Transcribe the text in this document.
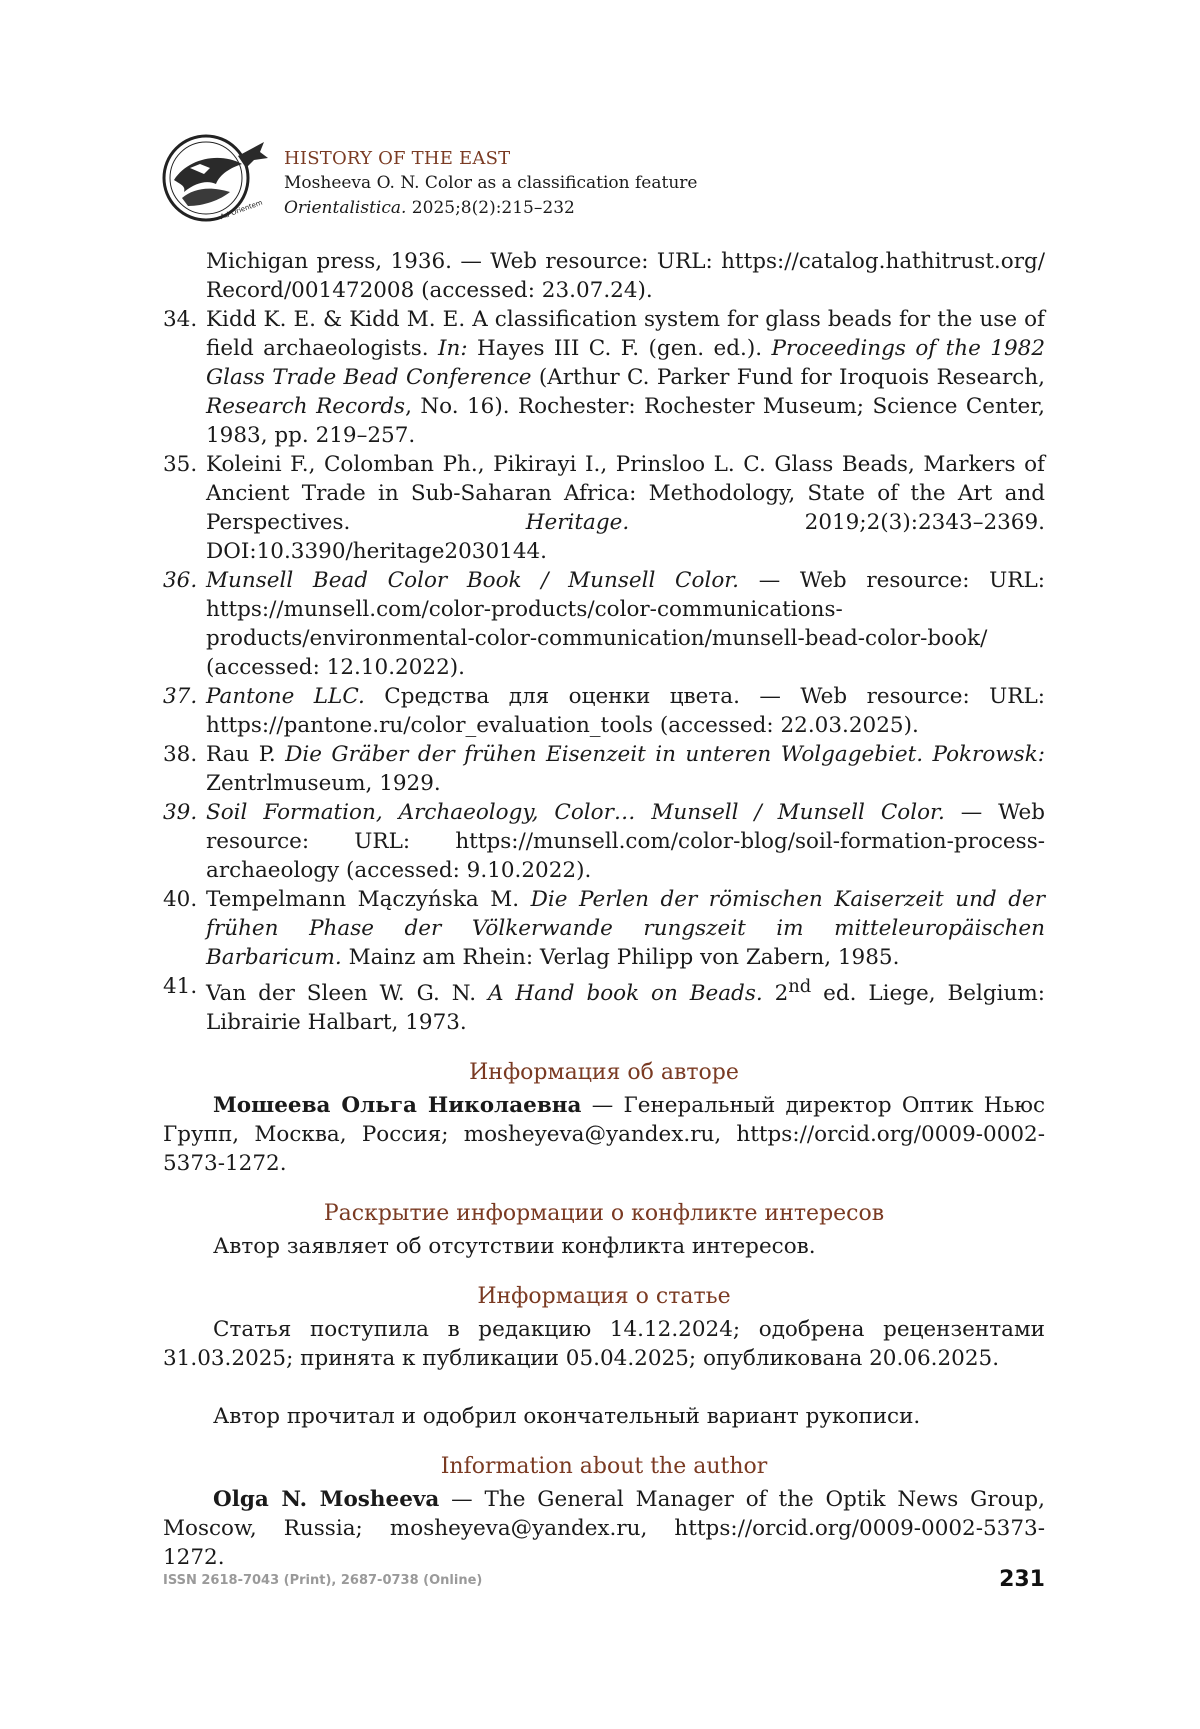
Ad Orientem
HISTORY OF THE EAST
Mosheeva O. N. Color as a classification feature
Orientalistica. 2025;8(2):215–232
Michigan press, 1936. — Web resource: URL: https://catalog.hathitrust.org/ Record/001472008 (accessed: 23.07.24).
34. Kidd K. E. & Kidd M. E. A classification system for glass beads for the use of field archaeologists. In: Hayes III C. F. (gen. ed.). Proceedings of the 1982 Glass Trade Bead Conference (Arthur C. Parker Fund for Iroquois Research, Research Records, No. 16). Rochester: Rochester Museum; Science Center, 1983, pp. 219–257.
35. Koleini F., Colomban Ph., Pikirayi I., Prinsloo L. C. Glass Beads, Markers of Ancient Trade in Sub-Saharan Africa: Methodology, State of the Art and Perspectives. Heritage. 2019;2(3):2343–2369. DOI:10.3390/heritage2030144.
36. Munsell Bead Color Book / Munsell Color. — Web resource: URL: https://munsell.com/color-products/color-communications-products/environmental-color-communication/munsell-bead-color-book/ (accessed: 12.10.2022).
37. Pantone LLC. Средства для оценки цвета. — Web resource: URL: https://pantone.ru/color_evaluation_tools (accessed: 22.03.2025).
38. Rau P. Die Gräber der frühen Eisenzeit in unteren Wolgagebiet. Pokrowsk: Zentrlmuseum, 1929.
39. Soil Formation, Archaeology, Color… Munsell / Munsell Color. — Web resource: URL: https://munsell.com/color-blog/soil-formation-process-archaeology (accessed: 9.10.2022).
40. Tempelmann Mączyńska M. Die Perlen der römischen Kaiserzeit und der frühen Phase der Völkerwande rungszeit im mitteleuropäischen Barbaricum. Mainz am Rhein: Verlag Philipp von Zabern, 1985.
41. Van der Sleen W. G. N. A Hand book on Beads. 2nd ed. Liege, Belgium: Librairie Halbart, 1973.
Информация об авторе
Мошеева Ольга Николаевна — Генеральный директор Оптик Ньюс Групп, Москва, Россия; mosheyeva@yandex.ru, https://orcid.org/0009-0002-5373-1272.
Раскрытие информации о конфликте интересов
Автор заявляет об отсутствии конфликта интересов.
Информация о статье
Статья поступила в редакцию 14.12.2024; одобрена рецензентами 31.03.2025; принята к публикации 05.04.2025; опубликована 20.06.2025.
Автор прочитал и одобрил окончательный вариант рукописи.
Information about the author
Olga N. Mosheeva — The General Manager of the Optik News Group, Moscow, Russia; mosheyeva@yandex.ru, https://orcid.org/0009-0002-5373-1272.
ISSN 2618-7043 (Print), 2687-0738 (Online)	231
